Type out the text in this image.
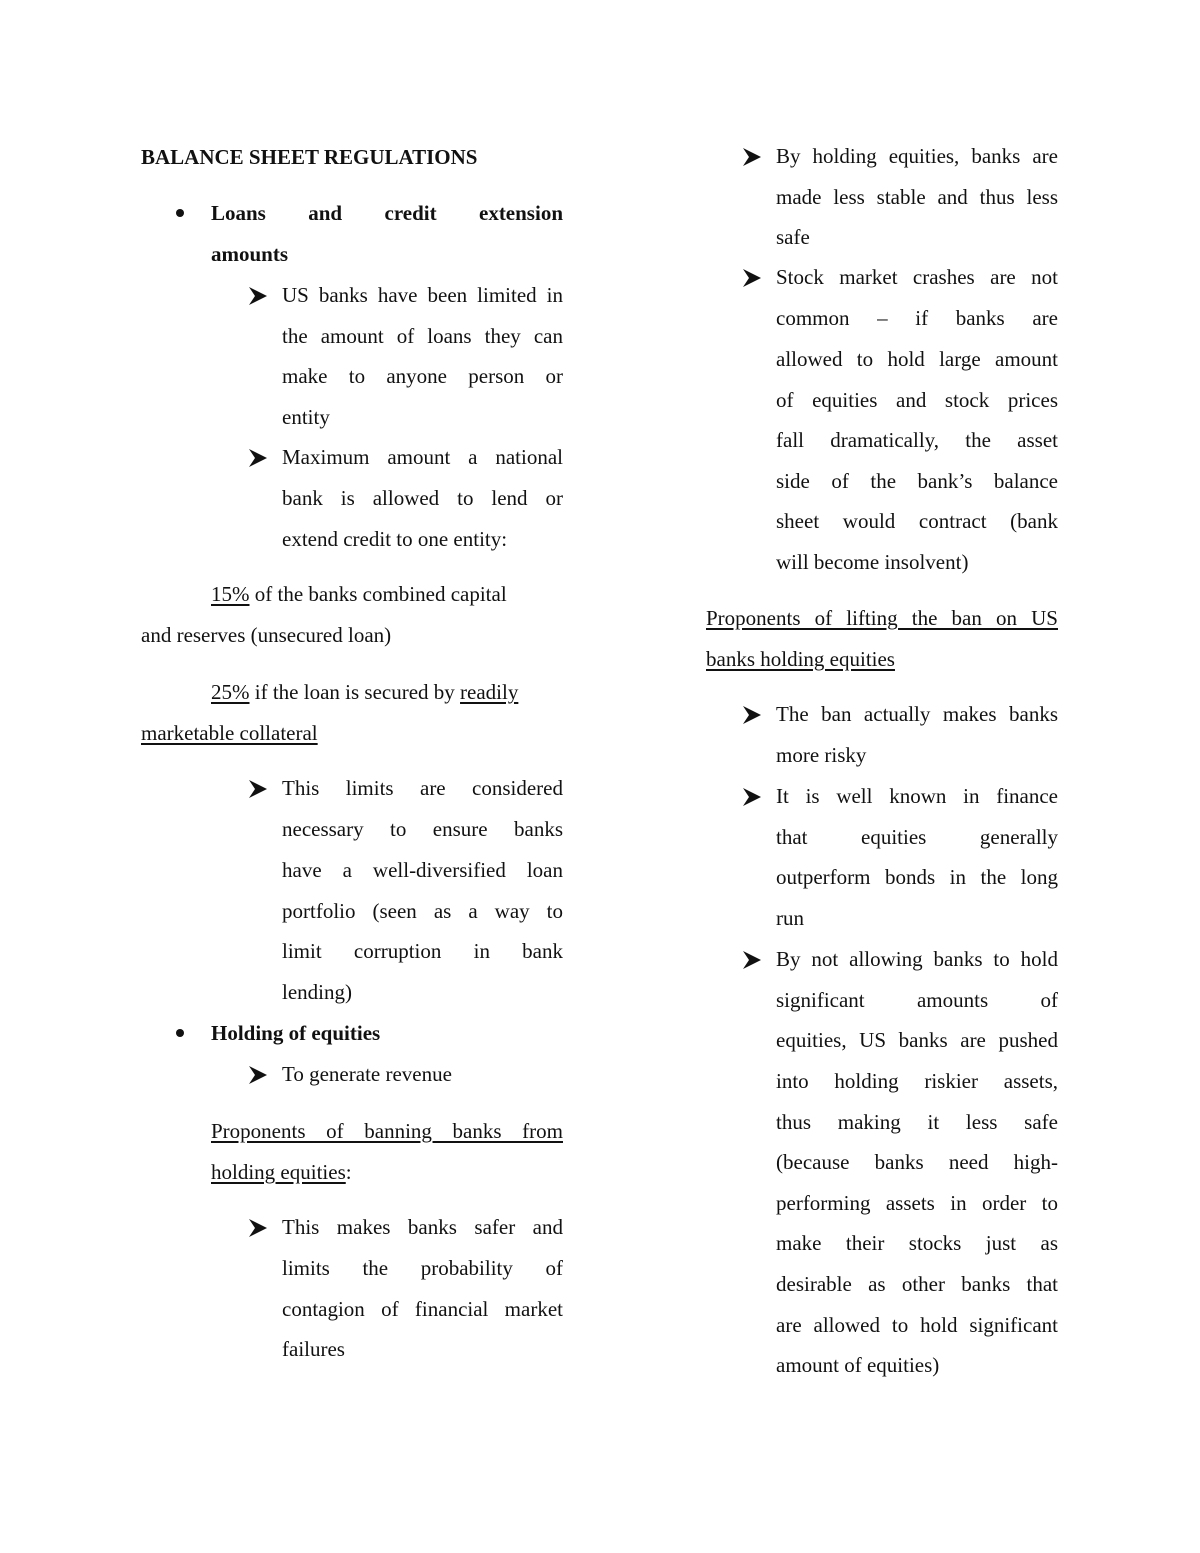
BALANCE SHEET REGULATIONS
Loans and credit extension
amounts
US banks have been limited in
the amount of loans they can
make to anyone person or
entity
Maximum amount a national
bank is allowed to lend or
extend credit to one entity:
15% of the banks combined capital
and reserves (unsecured loan)
25% if the loan is secured by readily
marketable collateral
This limits are considered
necessary to ensure banks
have a well-diversified loan
portfolio (seen as a way to
limit corruption in bank
lending)
Holding of equities
To generate revenue
Proponents of banning banks from
holding equities:
This makes banks safer and
limits the probability of
contagion of financial market
failures
By holding equities, banks are
made less stable and thus less
safe
Stock market crashes are not
common – if banks are
allowed to hold large amount
of equities and stock prices
fall dramatically, the asset
side of the bank’s balance
sheet would contract (bank
will become insolvent)
Proponents of lifting the ban on US
banks holding equities
The ban actually makes banks
more risky
It is well known in finance
that equities generally
outperform bonds in the long
run
By not allowing banks to hold
significant amounts of
equities, US banks are pushed
into holding riskier assets,
thus making it less safe
(because banks need high-
performing assets in order to
make their stocks just as
desirable as other banks that
are allowed to hold significant
amount of equities)
